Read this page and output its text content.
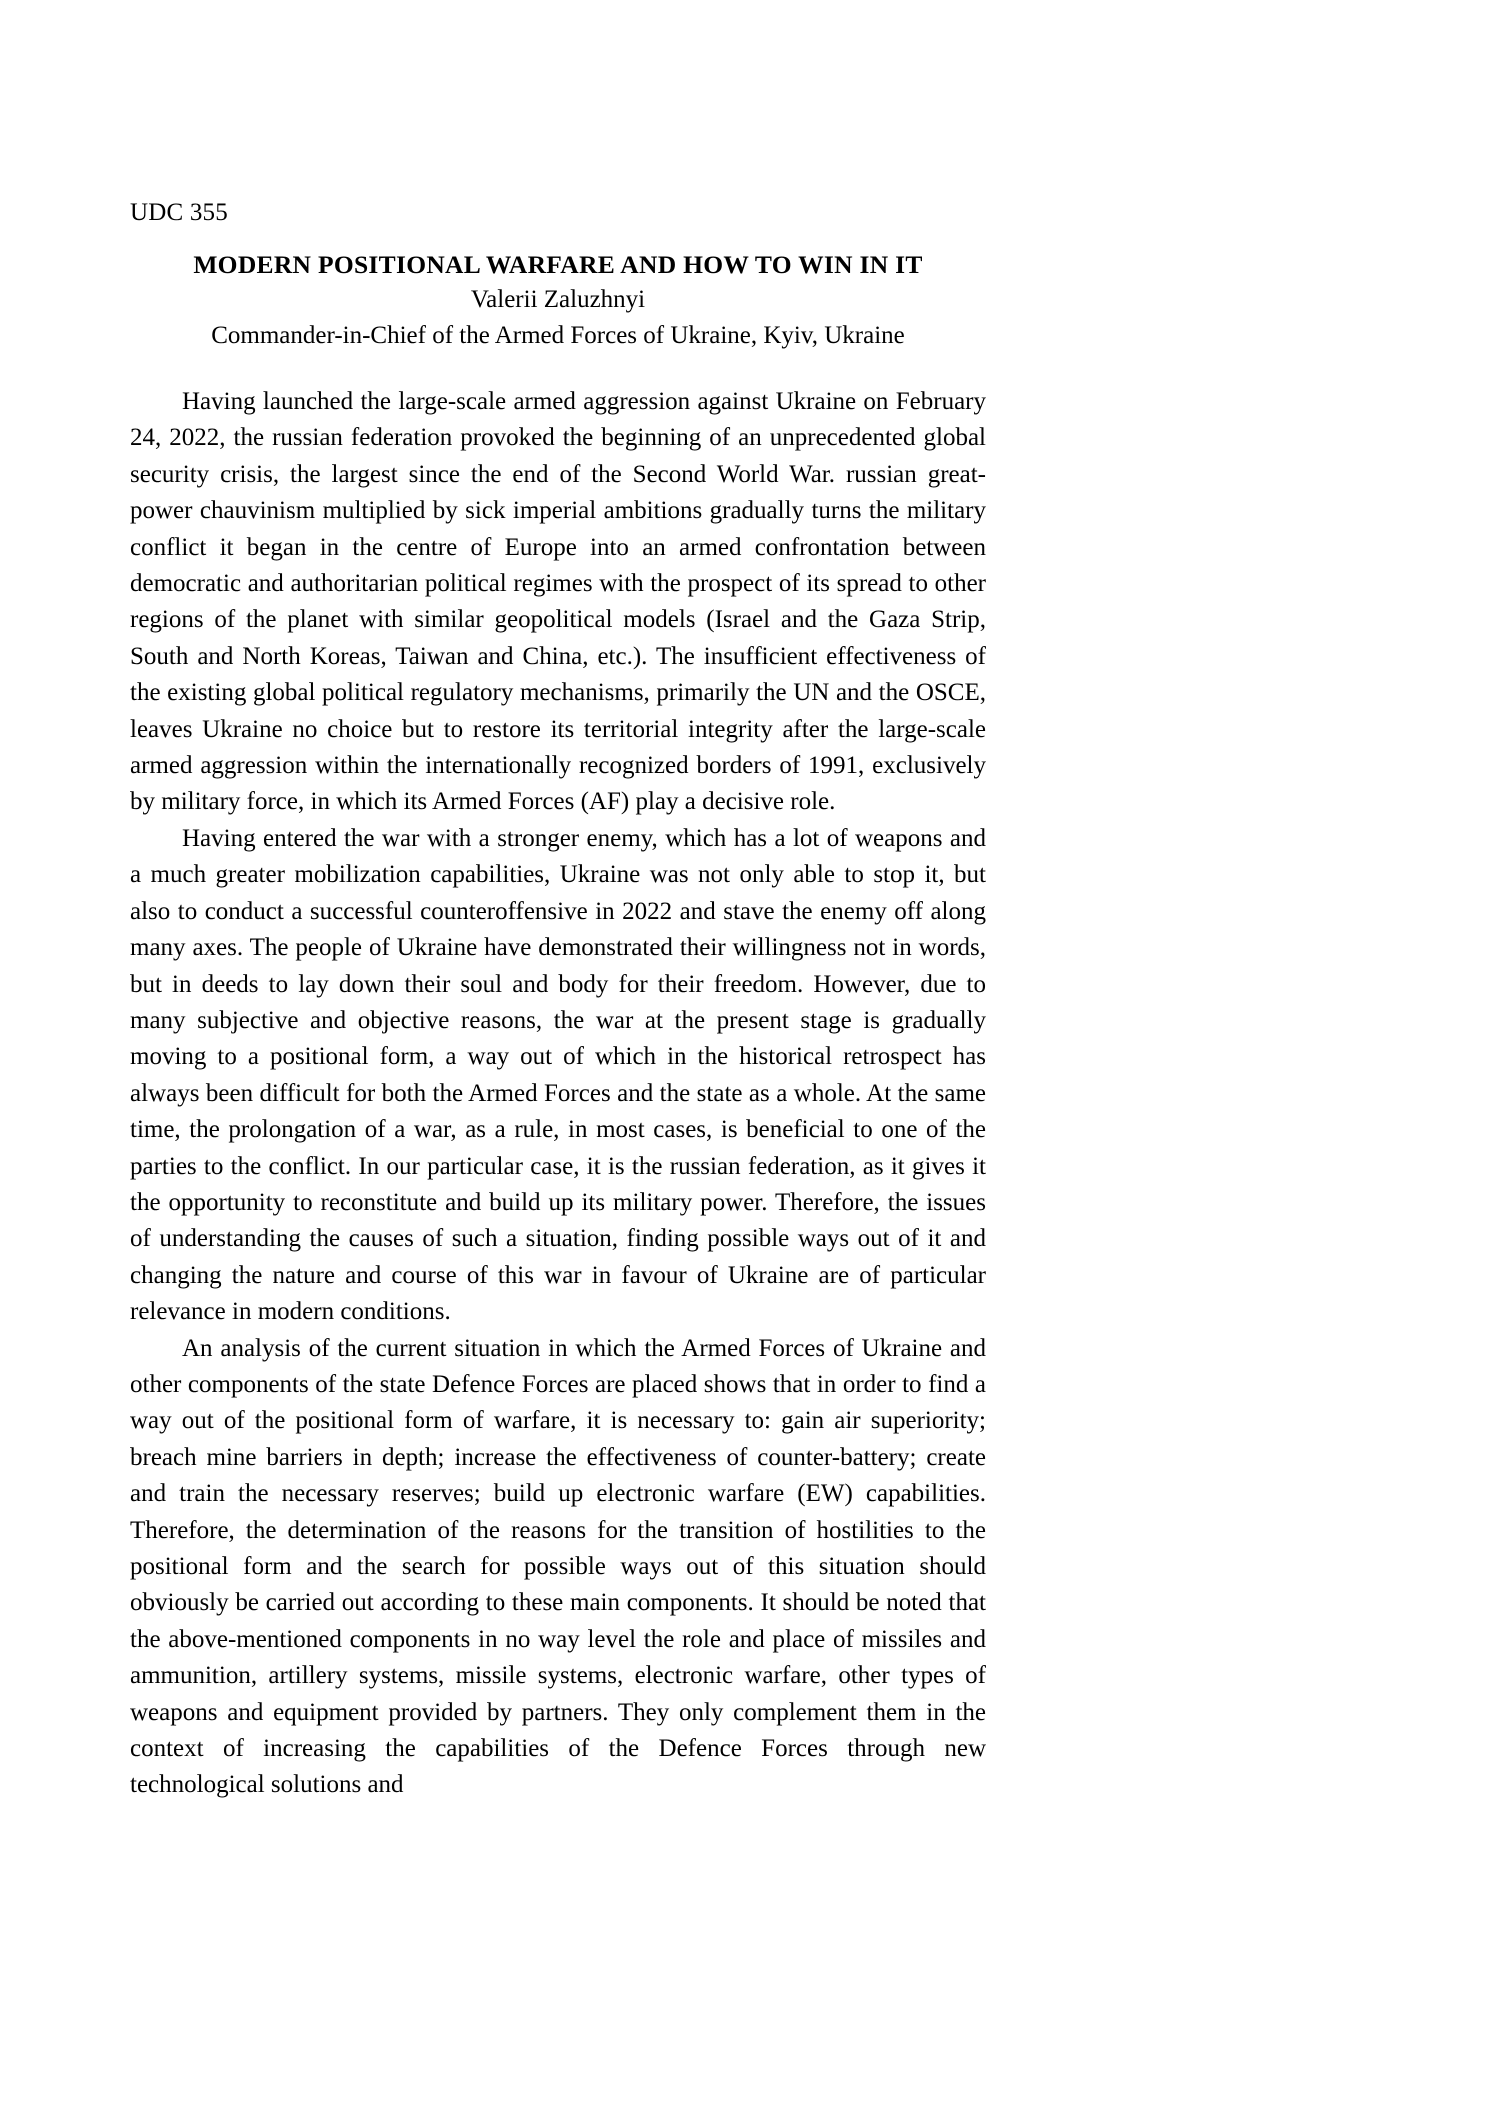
UDC 355

MODERN POSITIONAL WARFARE AND HOW TO WIN IN IT

Valerii Zaluzhnyi

Commander-in-Chief of the Armed Forces of Ukraine, Kyiv, Ukraine

Having launched the large-scale armed aggression against Ukraine on February 24, 2022, the russian federation provoked the beginning of an unprecedented global security crisis, the largest since the end of the Second World War. russian great-power chauvinism multiplied by sick imperial ambitions gradually turns the military conflict it began in the centre of Europe into an armed confrontation between democratic and authoritarian political regimes with the prospect of its spread to other regions of the planet with similar geopolitical models (Israel and the Gaza Strip, South and North Koreas, Taiwan and China, etc.). The insufficient effectiveness of the existing global political regulatory mechanisms, primarily the UN and the OSCE, leaves Ukraine no choice but to restore its territorial integrity after the large-scale armed aggression within the internationally recognized borders of 1991, exclusively by military force, in which its Armed Forces (AF) play a decisive role.

Having entered the war with a stronger enemy, which has a lot of weapons and a much greater mobilization capabilities, Ukraine was not only able to stop it, but also to conduct a successful counteroffensive in 2022 and stave the enemy off along many axes. The people of Ukraine have demonstrated their willingness not in words, but in deeds to lay down their soul and body for their freedom. However, due to many subjective and objective reasons, the war at the present stage is gradually moving to a positional form, a way out of which in the historical retrospect has always been difficult for both the Armed Forces and the state as a whole. At the same time, the prolongation of a war, as a rule, in most cases, is beneficial to one of the parties to the conflict. In our particular case, it is the russian federation, as it gives it the opportunity to reconstitute and build up its military power. Therefore, the issues of understanding the causes of such a situation, finding possible ways out of it and changing the nature and course of this war in favour of Ukraine are of particular relevance in modern conditions.

An analysis of the current situation in which the Armed Forces of Ukraine and other components of the state Defence Forces are placed shows that in order to find a way out of the positional form of warfare, it is necessary to: gain air superiority; breach mine barriers in depth; increase the effectiveness of counter-battery; create and train the necessary reserves; build up electronic warfare (EW) capabilities. Therefore, the determination of the reasons for the transition of hostilities to the positional form and the search for possible ways out of this situation should obviously be carried out according to these main components. It should be noted that the above-mentioned components in no way level the role and place of missiles and ammunition, artillery systems, missile systems, electronic warfare, other types of weapons and equipment provided by partners. They only complement them in the context of increasing the capabilities of the Defence Forces through new technological solutions and
